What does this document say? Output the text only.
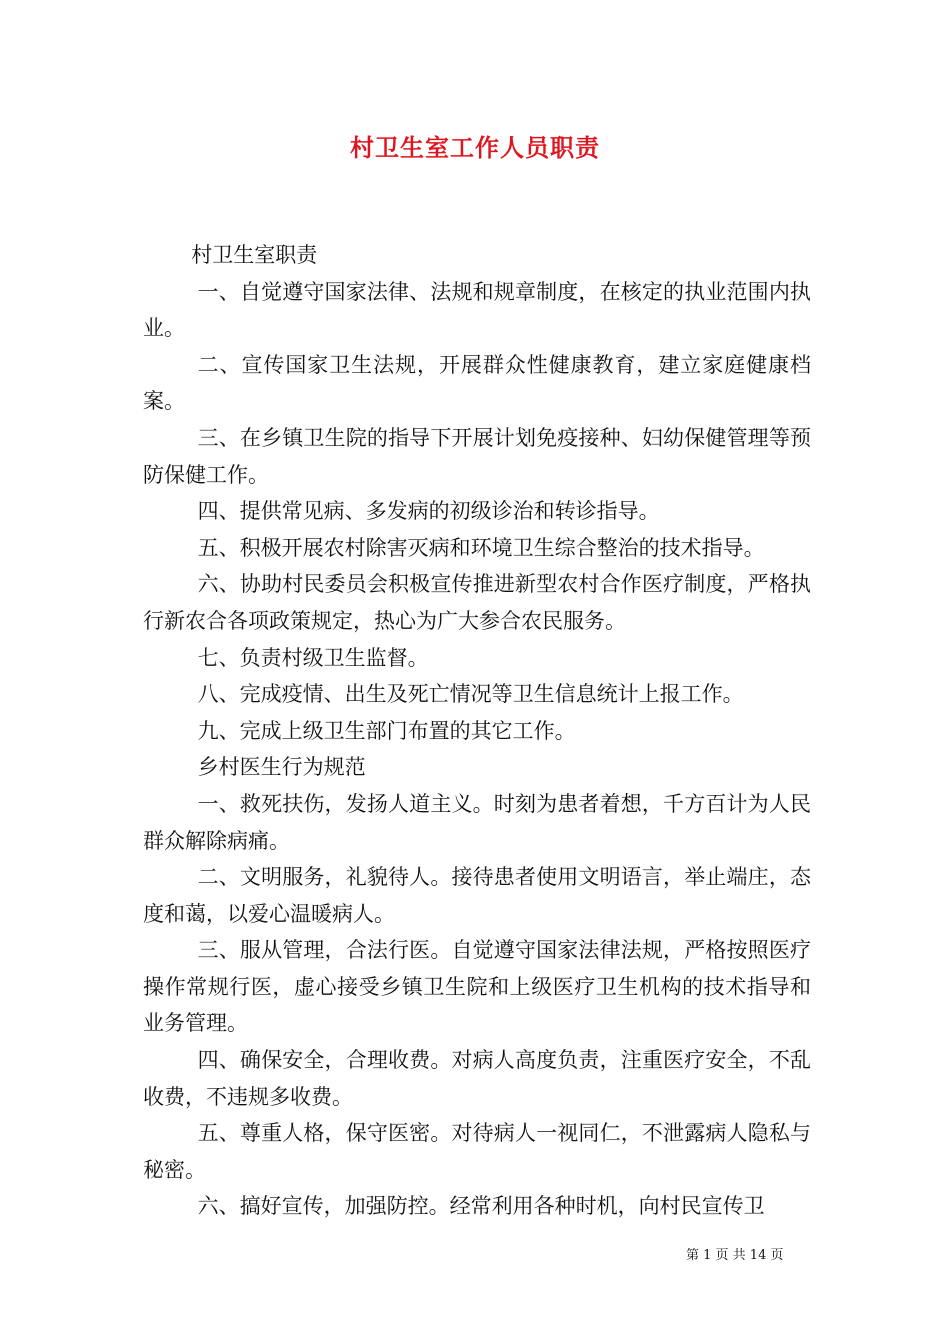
村卫生室工作人员职责

村卫生室职责

一、自觉遵守国家法律、法规和规章制度，在核定的执业范围内执业。

二、宣传国家卫生法规，开展群众性健康教育，建立家庭健康档案。

三、在乡镇卫生院的指导下开展计划免疫接种、妇幼保健管理等预防保健工作。

四、提供常见病、多发病的初级诊治和转诊指导。

五、积极开展农村除害灭病和环境卫生综合整治的技术指导。

六、协助村民委员会积极宣传推进新型农村合作医疗制度，严格执行新农合各项政策规定，热心为广大参合农民服务。

七、负责村级卫生监督。

八、完成疫情、出生及死亡情况等卫生信息统计上报工作。

九、完成上级卫生部门布置的其它工作。

乡村医生行为规范

一、救死扶伤，发扬人道主义。时刻为患者着想，千方百计为人民群众解除病痛。

二、文明服务，礼貌待人。接待患者使用文明语言，举止端庄，态度和蔼，以爱心温暖病人。

三、服从管理，合法行医。自觉遵守国家法律法规，严格按照医疗操作常规行医，虚心接受乡镇卫生院和上级医疗卫生机构的技术指导和业务管理。

四、确保安全，合理收费。对病人高度负责，注重医疗安全，不乱收费，不违规多收费。

五、尊重人格，保守医密。对待病人一视同仁，不泄露病人隐私与秘密。

六、搞好宣传，加强防控。经常利用各种时机，向村民宣传卫

第 1 页 共 14 页
